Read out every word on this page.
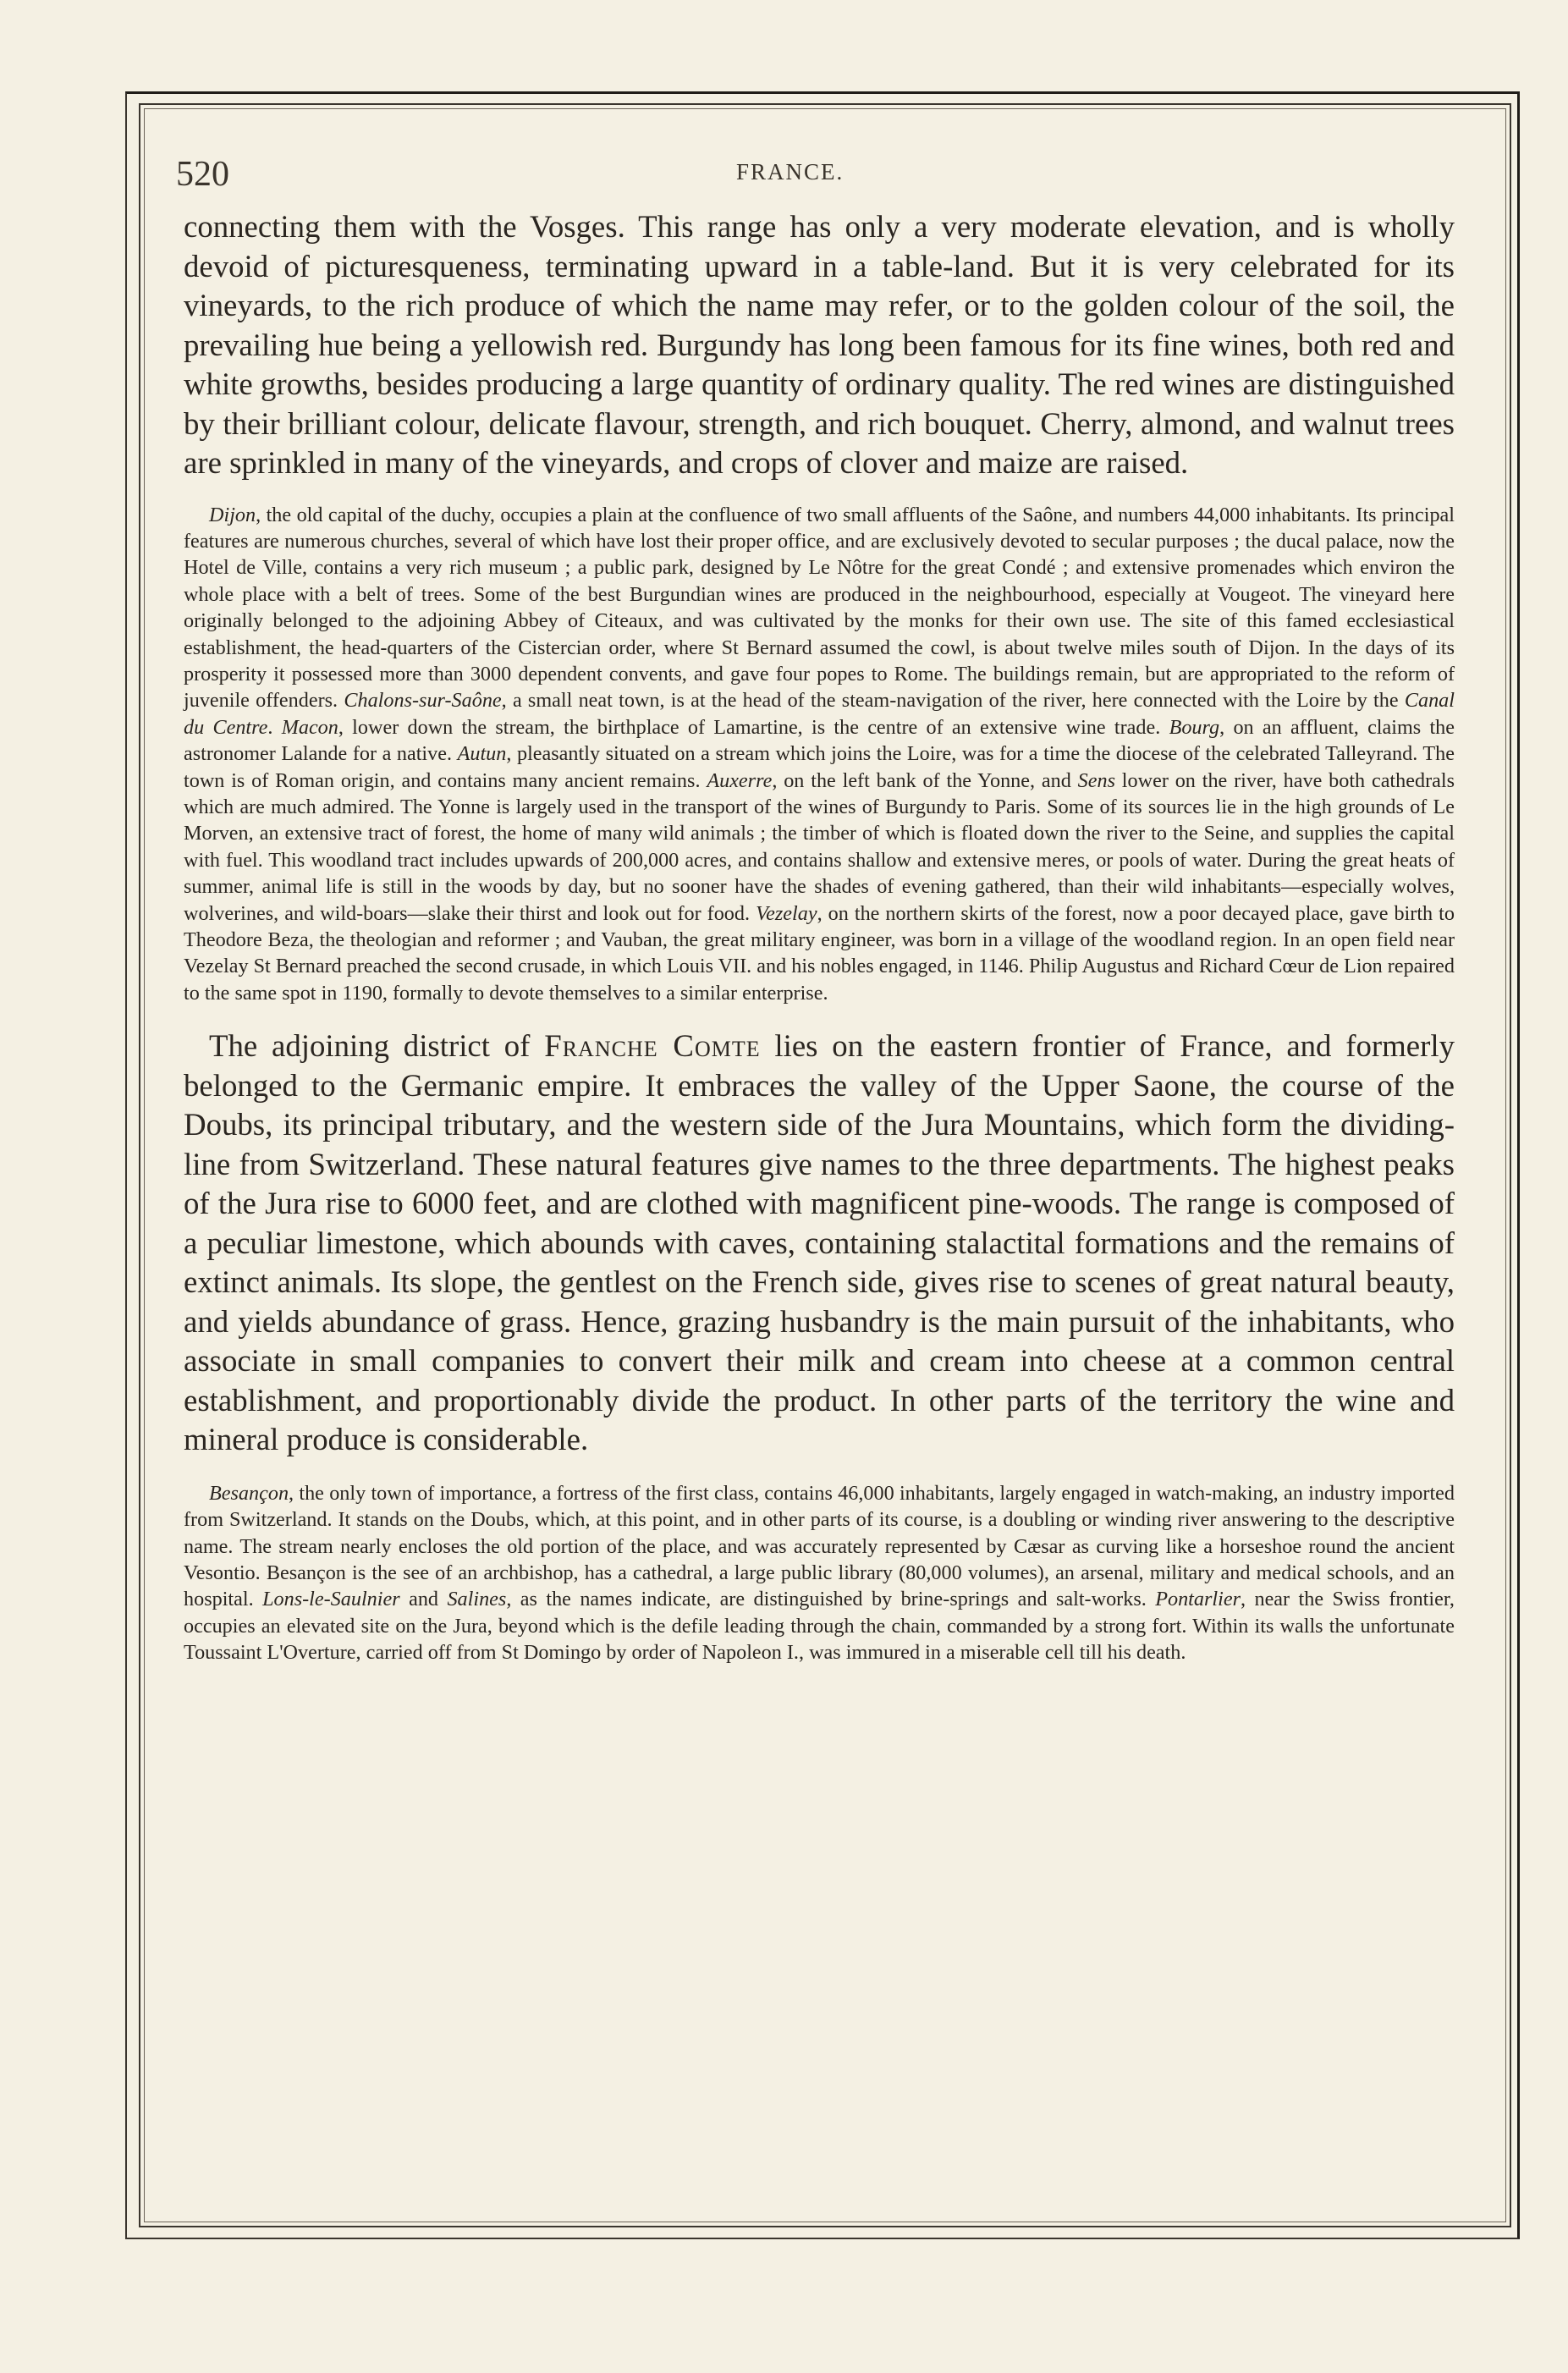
520	FRANCE.

connecting them with the Vosges. This range has only a very moderate elevation, and is wholly devoid of picturesqueness, terminating upward in a table-land. But it is very celebrated for its vineyards, to the rich produce of which the name may refer, or to the golden colour of the soil, the prevailing hue being a yellowish red. Burgundy has long been famous for its fine wines, both red and white growths, besides producing a large quantity of ordinary quality. The red wines are distinguished by their brilliant colour, delicate flavour, strength, and rich bouquet. Cherry, almond, and walnut trees are sprinkled in many of the vineyards, and crops of clover and maize are raised.

Dijon, the old capital of the duchy, occupies a plain at the confluence of two small affluents of the Saône, and numbers 44,000 inhabitants. Its principal features are numerous churches, several of which have lost their proper office, and are exclusively devoted to secular purposes ; the ducal palace, now the Hotel de Ville, contains a very rich museum ; a public park, designed by Le Nôtre for the great Condé ; and extensive promenades which environ the whole place with a belt of trees. Some of the best Burgundian wines are produced in the neighbourhood, especially at Vougeot. The vineyard here originally belonged to the adjoining Abbey of Citeaux, and was cultivated by the monks for their own use. The site of this famed ecclesiastical establishment, the head-quarters of the Cistercian order, where St Bernard assumed the cowl, is about twelve miles south of Dijon. In the days of its prosperity it possessed more than 3000 dependent convents, and gave four popes to Rome. The buildings remain, but are appropriated to the reform of juvenile offenders. Chalons-sur-Saône, a small neat town, is at the head of the steam-navigation of the river, here connected with the Loire by the Canal du Centre. Macon, lower down the stream, the birthplace of Lamartine, is the centre of an extensive wine trade. Bourg, on an affluent, claims the astronomer Lalande for a native. Autun, pleasantly situated on a stream which joins the Loire, was for a time the diocese of the celebrated Talleyrand. The town is of Roman origin, and contains many ancient remains. Auxerre, on the left bank of the Yonne, and Sens lower on the river, have both cathedrals which are much admired. The Yonne is largely used in the transport of the wines of Burgundy to Paris. Some of its sources lie in the high grounds of Le Morven, an extensive tract of forest, the home of many wild animals ; the timber of which is floated down the river to the Seine, and supplies the capital with fuel. This woodland tract includes upwards of 200,000 acres, and contains shallow and extensive meres, or pools of water. During the great heats of summer, animal life is still in the woods by day, but no sooner have the shades of evening gathered, than their wild inhabitants—especially wolves, wolverines, and wild-boars—slake their thirst and look out for food. Vezelay, on the northern skirts of the forest, now a poor decayed place, gave birth to Theodore Beza, the theologian and reformer ; and Vauban, the great military engineer, was born in a village of the woodland region. In an open field near Vezelay St Bernard preached the second crusade, in which Louis VII. and his nobles engaged, in 1146. Philip Augustus and Richard Cœur de Lion repaired to the same spot in 1190, formally to devote themselves to a similar enterprise.

The adjoining district of Franche Comte lies on the eastern frontier of France, and formerly belonged to the Germanic empire. It embraces the valley of the Upper Saone, the course of the Doubs, its principal tributary, and the western side of the Jura Mountains, which form the dividing-line from Switzerland. These natural features give names to the three departments. The highest peaks of the Jura rise to 6000 feet, and are clothed with magnificent pine-woods. The range is composed of a peculiar limestone, which abounds with caves, containing stalactital formations and the remains of extinct animals. Its slope, the gentlest on the French side, gives rise to scenes of great natural beauty, and yields abundance of grass. Hence, grazing husbandry is the main pursuit of the inhabitants, who associate in small companies to convert their milk and cream into cheese at a common central establishment, and proportionably divide the product. In other parts of the territory the wine and mineral produce is considerable.

Besançon, the only town of importance, a fortress of the first class, contains 46,000 inhabitants, largely engaged in watch-making, an industry imported from Switzerland. It stands on the Doubs, which, at this point, and in other parts of its course, is a doubling or winding river answering to the descriptive name. The stream nearly encloses the old portion of the place, and was accurately represented by Cæsar as curving like a horseshoe round the ancient Vesontio. Besançon is the see of an archbishop, has a cathedral, a large public library (80,000 volumes), an arsenal, military and medical schools, and an hospital. Lons-le-Saulnier and Salines, as the names indicate, are distinguished by brine-springs and salt-works. Pontarlier, near the Swiss frontier, occupies an elevated site on the Jura, beyond which is the defile leading through the chain, commanded by a strong fort. Within its walls the unfortunate Toussaint L'Overture, carried off from St Domingo by order of Napoleon I., was immured in a miserable cell till his death.
